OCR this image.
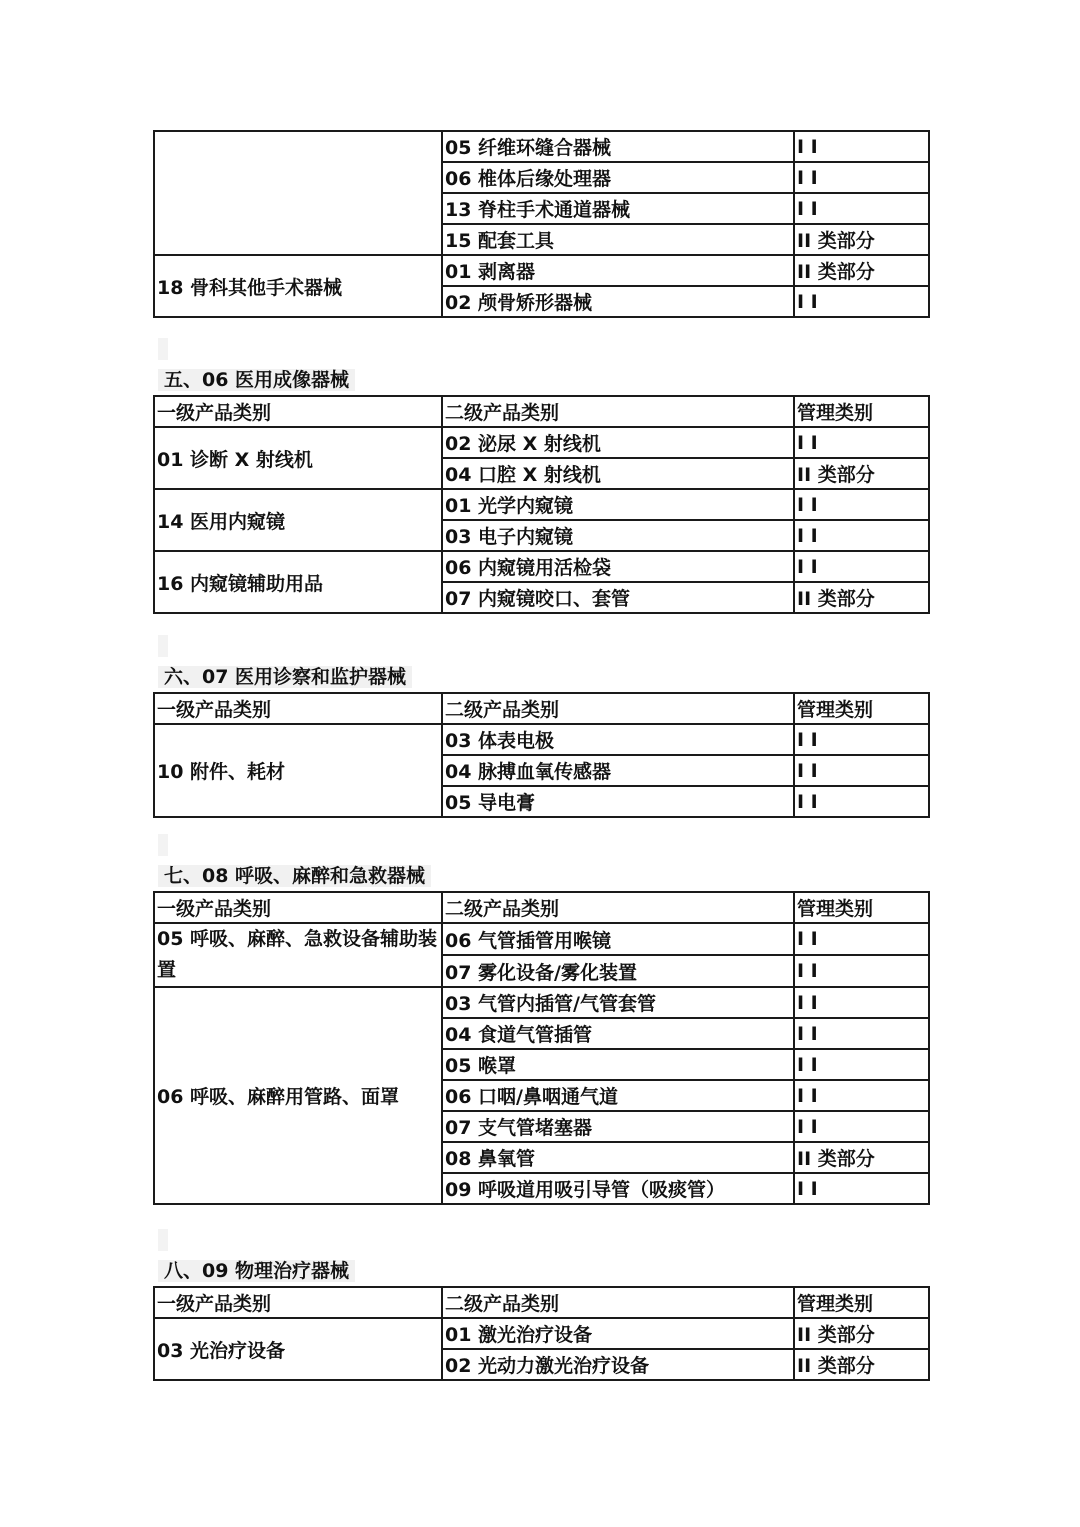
	05 纤维环缝合器械	I I
	06 椎体后缘处理器	I I
	13 脊柱手术通道器械	I I
	15 配套工具	II 类部分
18 骨科其他手术器械	01 剥离器	II 类部分
	02 颅骨矫形器械	I I
五、06 医用成像器械
一级产品类别	二级产品类别	管理类别
01 诊断 X 射线机	02 泌尿 X 射线机	I I
	04 口腔 X 射线机	II 类部分
14 医用内窥镜	01 光学内窥镜	I I
	03 电子内窥镜	I I
16 内窥镜辅助用品	06 内窥镜用活检袋	I I
	07 内窥镜咬口、套管	II 类部分
六、07 医用诊察和监护器械
一级产品类别	二级产品类别	管理类别
10 附件、耗材	03 体表电极	I I
	04 脉搏血氧传感器	I I
	05 导电膏	I I
七、08 呼吸、麻醉和急救器械
一级产品类别	二级产品类别	管理类别
05 呼吸、麻醉、急救设备辅助装置	06 气管插管用喉镜	I I
	07 雾化设备/雾化装置	I I
06 呼吸、麻醉用管路、面罩	03 气管内插管/气管套管	I I
	04 食道气管插管	I I
	05 喉罩	I I
	06 口咽/鼻咽通气道	I I
	07 支气管堵塞器	I I
	08 鼻氧管	II 类部分
	09 呼吸道用吸引导管（吸痰管）	I I
八、09 物理治疗器械
一级产品类别	二级产品类别	管理类别
03 光治疗设备	01 激光治疗设备	II 类部分
	02 光动力激光治疗设备	II 类部分
